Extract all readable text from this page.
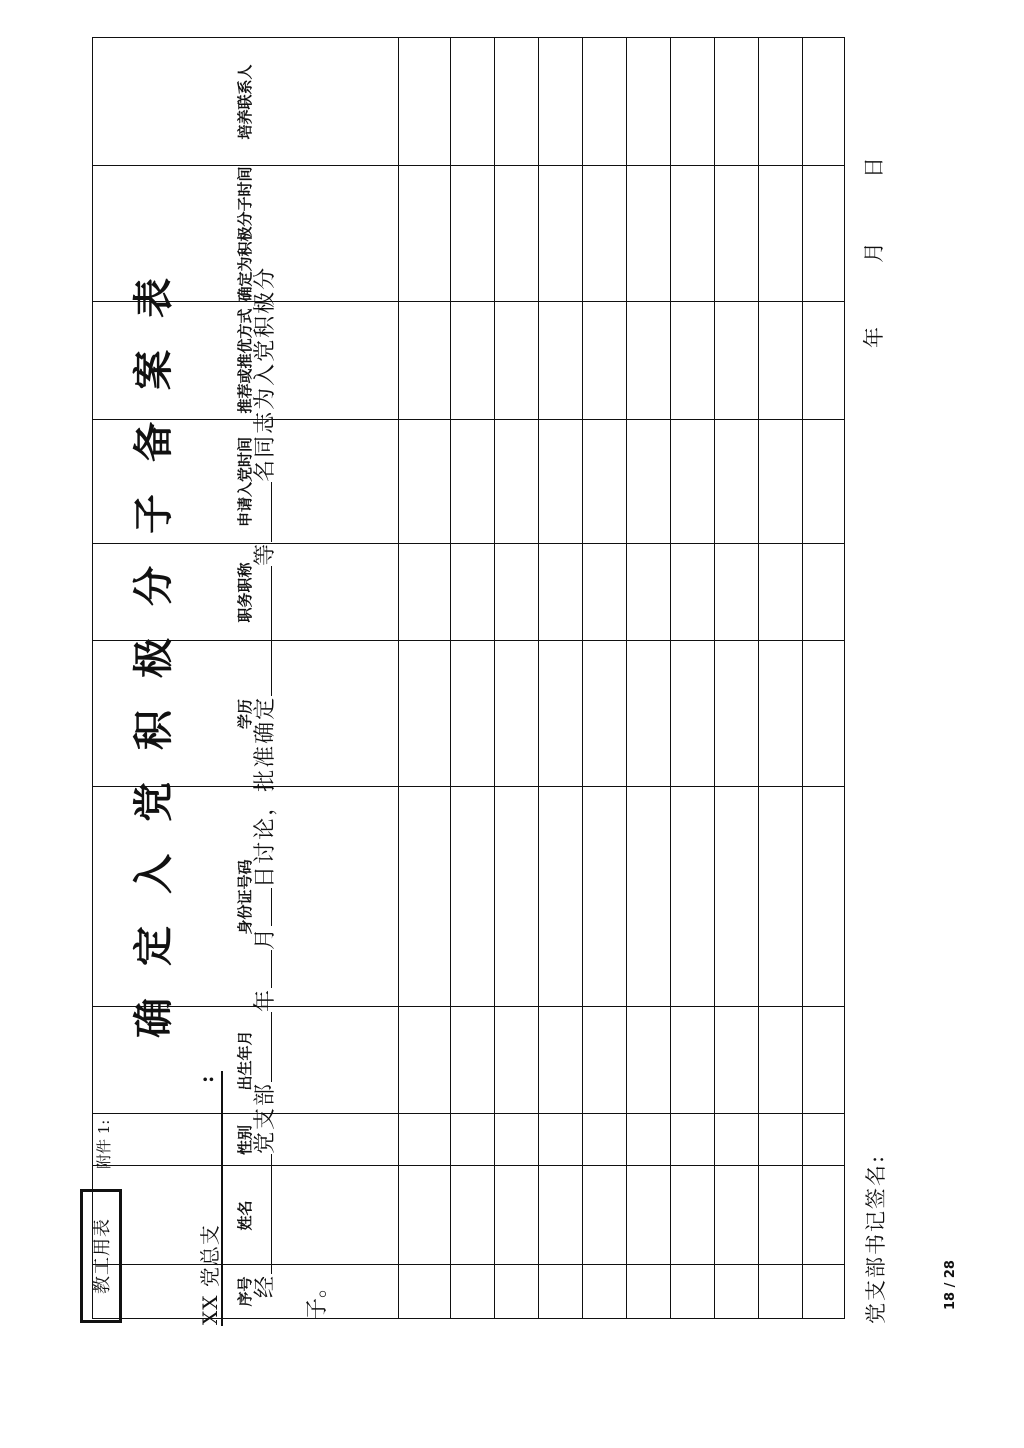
教工用表
附件 1:
XX 党总支
:
确定入党积极分子备案表
经党支部年月日讨论，批准确定等名同志为入党积极分
子。
序
号
姓名
性
别
出生年月
身份证号码
学历
职务职称
申请入党
时间
推荐或
推优方式
确定为积极
分子时间
培养联系人
党支部书记签名:
年月日
18 / 28
